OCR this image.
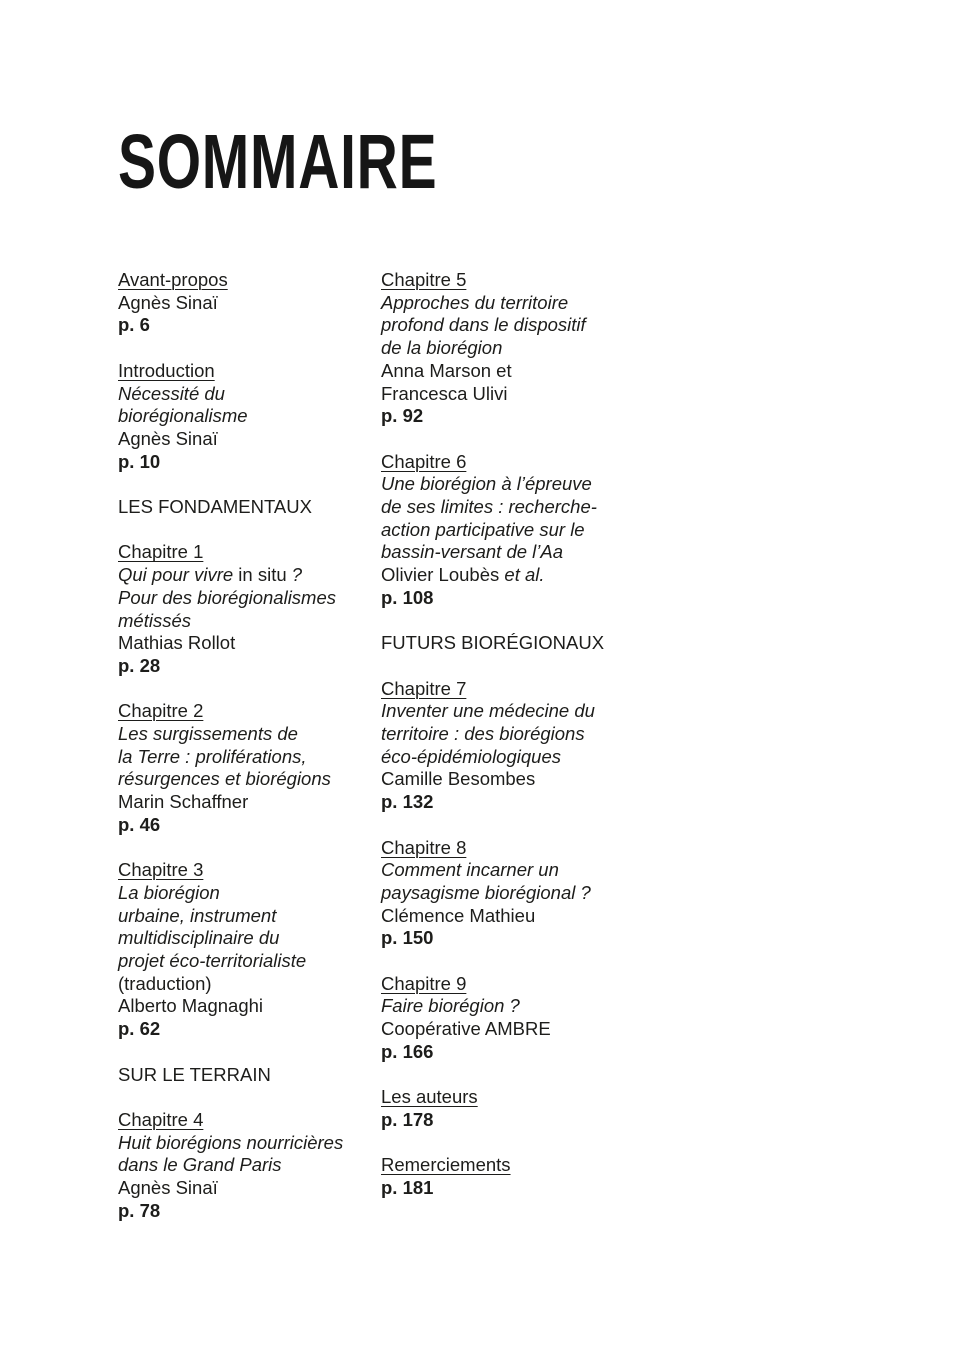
SOMMAIRE
Avant-propos
Agnès Sinaï
p. 6
Introduction
Nécessité du
biorégionalisme
Agnès Sinaï
p. 10
LES FONDAMENTAUX
Chapitre 1
Qui pour vivre in situ ?
Pour des biorégionalismes
métissés
Mathias Rollot
p. 28
Chapitre 2
Les surgissements de
la Terre : proliférations,
résurgences et biorégions
Marin Schaffner
p. 46
Chapitre 3
La biorégion
urbaine, instrument
multidisciplinaire du
projet éco-territorialiste
(traduction)
Alberto Magnaghi
p. 62
SUR LE TERRAIN
Chapitre 4
Huit biorégions nourricières
dans le Grand Paris
Agnès Sinaï
p. 78
Chapitre 5
Approches du territoire
profond dans le dispositif
de la biorégion
Anna Marson et
Francesca Ulivi
p. 92
Chapitre 6
Une biorégion à l’épreuve
de ses limites : recherche-
action participative sur le
bassin-versant de l’Aa
Olivier Loubès et al.
p. 108
FUTURS BIORÉGIONAUX
Chapitre 7
Inventer une médecine du
territoire : des biorégions
éco-épidémiologiques
Camille Besombes
p. 132
Chapitre 8
Comment incarner un
paysagisme biorégional ?
Clémence Mathieu
p. 150
Chapitre 9
Faire biorégion ?
Coopérative AMBRE
p. 166
Les auteurs
p. 178
Remerciements
p. 181
